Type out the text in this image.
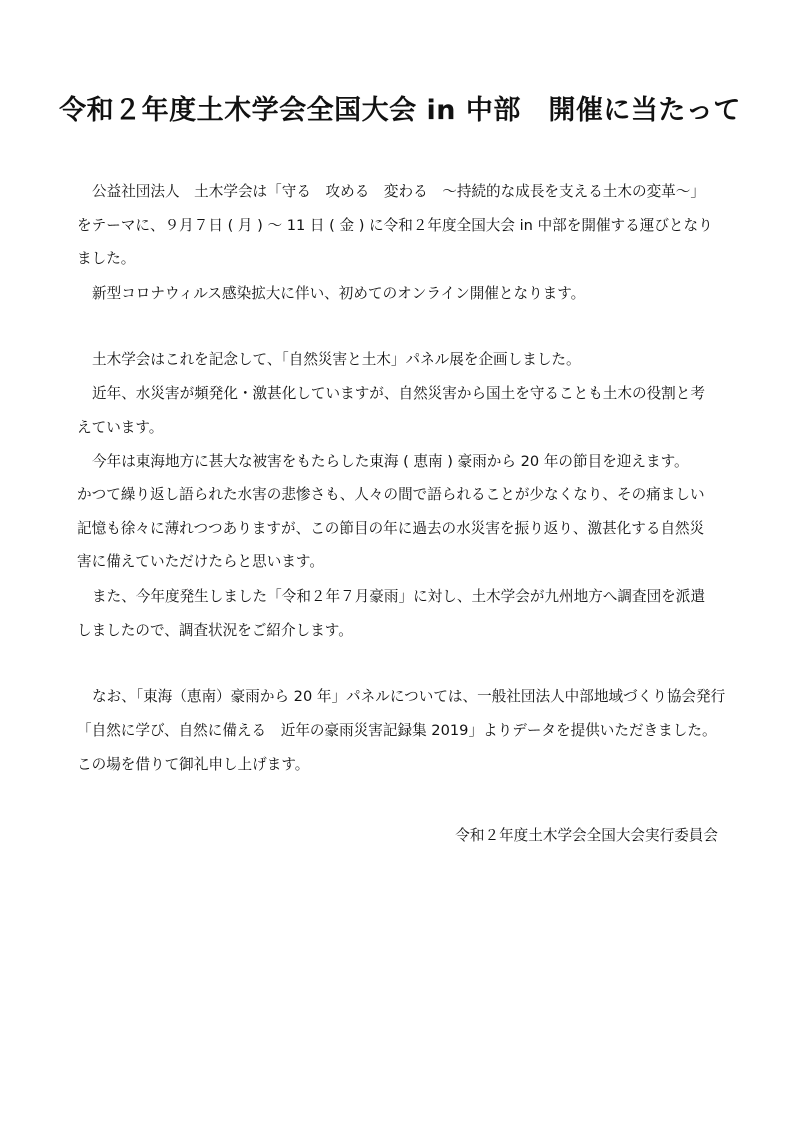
令和２年度土木学会全国大会 in 中部　開催に当たって
公益社団法人　土木学会は「守る　攻める　変わる　～持続的な成長を支える土木の変革～」
をテーマに、９月７日 ( 月 ) ～ 11 日 ( 金 ) に令和２年度全国大会 in 中部を開催する運びとなり
ました。
新型コロナウィルス感染拡大に伴い、初めてのオンライン開催となります。
土木学会はこれを記念して、「自然災害と土木」パネル展を企画しました。
近年、水災害が頻発化・激甚化していますが、自然災害から国土を守ることも土木の役割と考
えています。
今年は東海地方に甚大な被害をもたらした東海 ( 恵南 ) 豪雨から 20 年の節目を迎えます。
かつて繰り返し語られた水害の悲惨さも、人々の間で語られることが少なくなり、その痛ましい
記憶も徐々に薄れつつありますが、この節目の年に過去の水災害を振り返り、激甚化する自然災
害に備えていただけたらと思います。
また、今年度発生しました「令和２年７月豪雨」に対し、土木学会が九州地方へ調査団を派遣
しましたので、調査状況をご紹介します。
なお、「東海（恵南）豪雨から 20 年」パネルについては、一般社団法人中部地域づくり協会発行
「自然に学び、自然に備える　近年の豪雨災害記録集 2019」よりデータを提供いただきました。
この場を借りて御礼申し上げます。
令和２年度土木学会全国大会実行委員会
